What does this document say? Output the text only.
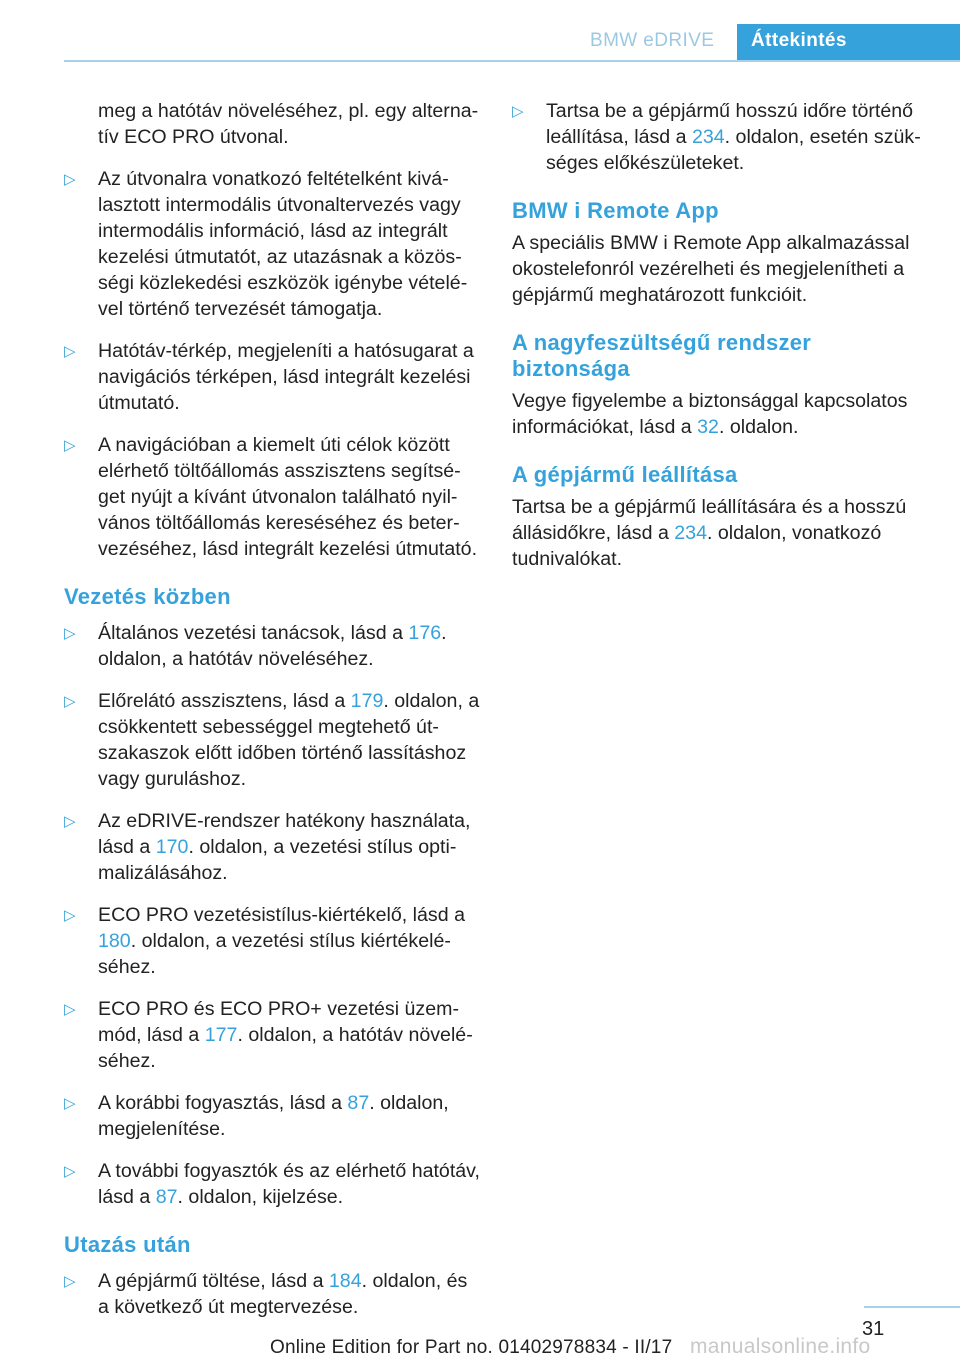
BMW eDRIVE	Áttekintés

meg a hatótáv növeléséhez, pl. egy alternatív ECO PRO útvonal.

▷	Az útvonalra vonatkozó feltételként kiválasztott intermodális útvonaltervezés vagy intermodális információ, lásd az integrált kezelési útmutatót, az utazásnak a közösségi közlekedési eszközök igénybe vételével történő tervezését támogatja.
▷	Hatótáv-térkép, megjeleníti a hatósugarat a navigációs térképen, lásd integrált kezelési útmutató.
▷	A navigációban a kiemelt úti célok között elérhető töltőállomás asszisztens segítséget nyújt a kívánt útvonalon található nyilvános töltőállomás kereséséhez és betervezéséhez, lásd integrált kezelési útmutató.
Vezetés közben
▷	Általános vezetési tanácsok, lásd a 176. oldalon, a hatótáv növeléséhez.
▷	Előrelátó asszisztens, lásd a 179. oldalon, a csökkentett sebességgel megtehető útszakaszok előtt időben történő lassításhoz vagy guruláshoz.
▷	Az eDRIVE-rendszer hatékony használata, lásd a 170. oldalon, a vezetési stílus optimalizálásához.
▷	ECO PRO vezetésistílus-kiértékelő, lásd a 180. oldalon, a vezetési stílus kiértékeléséhez.
▷	ECO PRO és ECO PRO+ vezetési üzemmód, lásd a 177. oldalon, a hatótáv növeléséhez.
▷	A korábbi fogyasztás, lásd a 87. oldalon, megjelenítése.
▷	A további fogyasztók és az elérhető hatótáv, lásd a 87. oldalon, kijelzése.
Utazás után
▷	A gépjármű töltése, lásd a 184. oldalon, és a következő út megtervezése.
▷	Tartsa be a gépjármű hosszú időre történő leállítása, lásd a 234. oldalon, esetén szükséges előkészületeket.
BMW i Remote App

A speciális BMW i Remote App alkalmazással okostelefonról vezérelheti és megjelenítheti a gépjármű meghatározott funkcióit.

A nagyfeszültségű rendszer biztonsága

Vegye figyelembe a biztonsággal kapcsolatos információkat, lásd a 32. oldalon.

A gépjármű leállítása

Tartsa be a gépjármű leállítására és a hosszú állásidőkre, lásd a 234. oldalon, vonatkozó tudnivalókat.

31
Online Edition for Part no. 01402978834 - II/17 manualsonline.info
